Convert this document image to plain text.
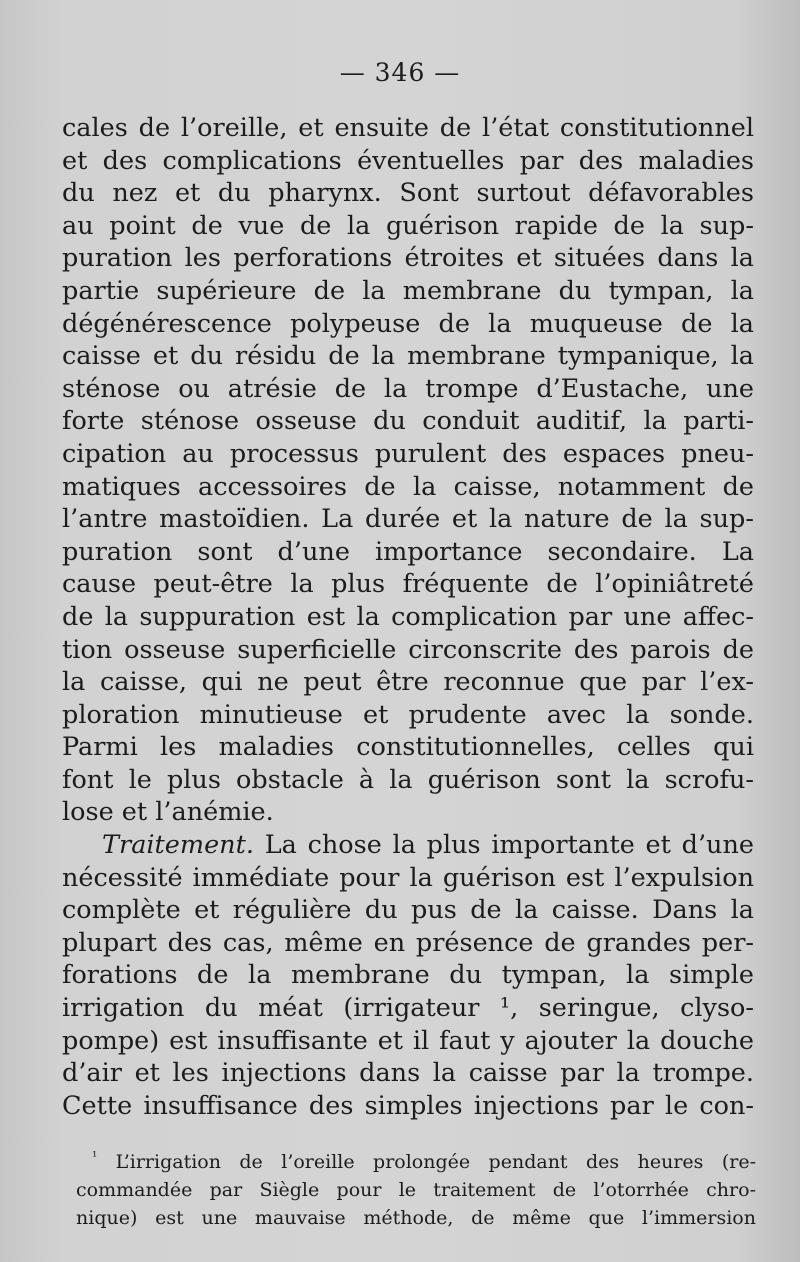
— 346 —
cales de l’oreille, et ensuite de l’état constitutionnel
et des complications éventuelles par des maladies
du nez et du pharynx. Sont surtout défavorables
au point de vue de la guérison rapide de la sup-
puration les perforations étroites et situées dans la
partie supérieure de la membrane du tympan, la
dégénérescence polypeuse de la muqueuse de la
caisse et du résidu de la membrane tympanique, la
sténose ou atrésie de la trompe d’Eustache, une
forte sténose osseuse du conduit auditif, la parti-
cipation au processus purulent des espaces pneu-
matiques accessoires de la caisse, notamment de
l’antre mastoïdien. La durée et la nature de la sup-
puration sont d’une importance secondaire. La
cause peut-être la plus fréquente de l’opiniâtreté
de la suppuration est la complication par une affec-
tion osseuse superficielle circonscrite des parois de
la caisse, qui ne peut être reconnue que par l’ex-
ploration minutieuse et prudente avec la sonde.
Parmi les maladies constitutionnelles, celles qui
font le plus obstacle à la guérison sont la scrofu-
lose et l’anémie.
Traitement. La chose la plus importante et d’une
nécessité immédiate pour la guérison est l’expulsion
complète et régulière du pus de la caisse. Dans la
plupart des cas, même en présence de grandes per-
forations de la membrane du tympan, la simple
irrigation du méat (irrigateur ¹, seringue, clyso-
pompe) est insuffisante et il faut y ajouter la douche
d’air et les injections dans la caisse par la trompe.
Cette insuffisance des simples injections par le con-
$^{^1}$ L’irrigation de l’oreille prolongée pendant des heures (re-
commandée par Siègle pour le traitement de l’otorrhée chro-
nique) est une mauvaise méthode, de même que l’immersion
